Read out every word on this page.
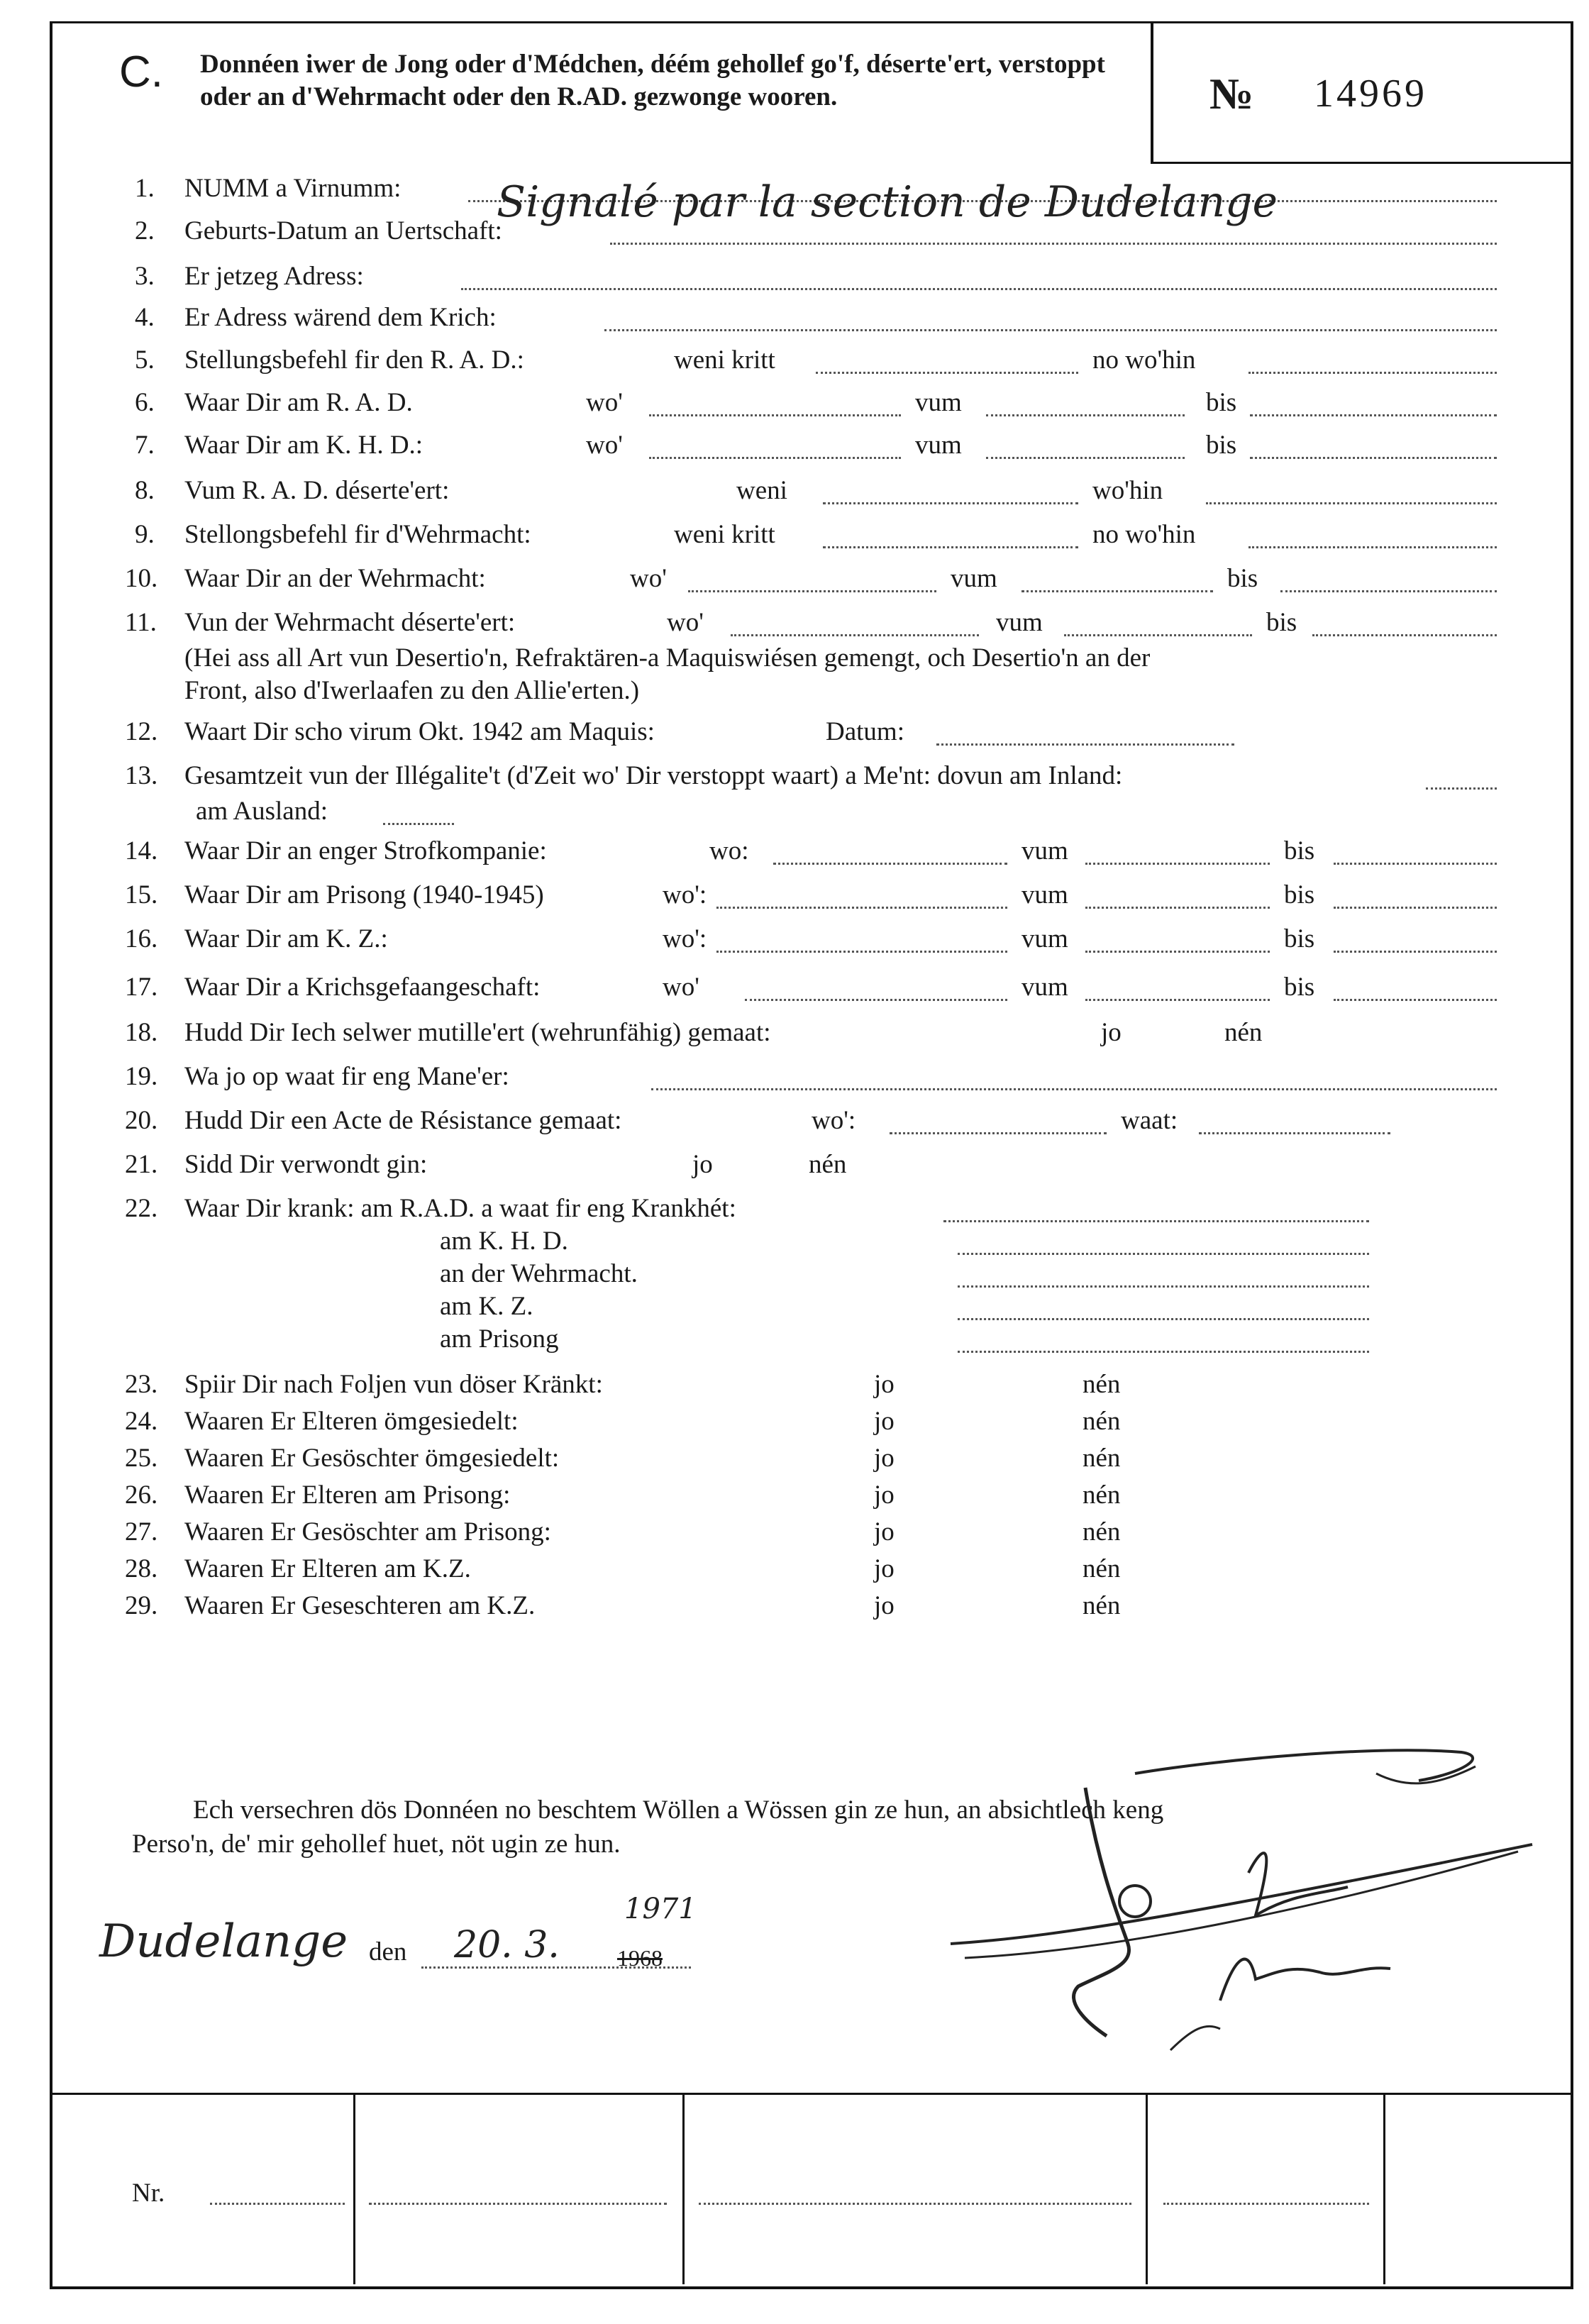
C. Donnéen iwer de Jong oder d'Médchen, déém gehollef go'f, déserte'ert, verstoppt oder an d'Wehrmacht oder den R.AD. gezwonge wooren.	№ 14969
1. NUMM a Virnumm: Signalé par la section de Dudelange
2. Geburts-Datum an Uertschaft:
3. Er jetzeg Adress:
4. Er Adress wärend dem Krich:
5. Stellungsbefehl fir den R. A. D.:	weni kritt	no wo'hin
6. Waar Dir am R. A. D.	wo'	vum	bis
7. Waar Dir am K. H. D.:	wo'	vum	bis
8. Vum R. A. D. déserte'ert:	weni	wo'hin
9. Stellongsbefehl fir d'Wehrmacht:	weni kritt	no wo'hin
10. Waar Dir an der Wehrmacht:	wo'	vum	bis
11. Vun der Wehrmacht déserte'ert:	wo'	vum	bis
(Hei ass all Art vun Desertio'n, Refraktären-a Maquiswiésen gemengt, och Desertio'n an der
Front, also d'Iwerlaafen zu den Allie'erten.)
12. Waart Dir scho virum Okt. 1942 am Maquis:	Datum:
13. Gesamtzeit vun der Illégalite't (d'Zeit wo' Dir verstoppt waart) a Me'nt: dovun am Inland:
am Ausland:
14. Waar Dir an enger Strofkompanie:	wo:	vum	bis
15. Waar Dir am Prisong (1940-1945)	wo':	vum	bis
16. Waar Dir am K. Z.:	wo':	vum	bis
17. Waar Dir a Krichsgefaangeschaft:	wo'	vum	bis
18. Hudd Dir Iech selwer mutille'ert (wehrunfähig) gemaat:	jo	nén
19. Wa jo op waat fir eng Mane'er:
20. Hudd Dir een Acte de Résistance gemaat:	wo':	waat:
21. Sidd Dir verwondt gin:	jo	nén
22. Waar Dir krank: am R.A.D. a waat fir eng Krankhét:
am K. H. D.
an der Wehrmacht.
am K. Z.
am Prisong
23. Spiir Dir nach Foljen vun döser Kränkt:	jo	nén
24. Waaren Er Elteren ömgesiedelt:	jo	nén
25. Waaren Er Gesöschter ömgesiedelt:	jo	nén
26. Waaren Er Elteren am Prisong:	jo	nén
27. Waaren Er Gesöschter am Prisong:	jo	nén
28. Waaren Er Elteren am K.Z.	jo	nén
29. Waaren Er Geseschteren am K.Z.	jo	nén
Ech versechren dös Donnéen no beschtem Wöllen a Wössen gin ze hun, an absichtlech keng
Perso'n, de' mir gehollef huet, nöt ugin ze hun.
Dudelange den 20. 3.
1971
1968
Nr.
